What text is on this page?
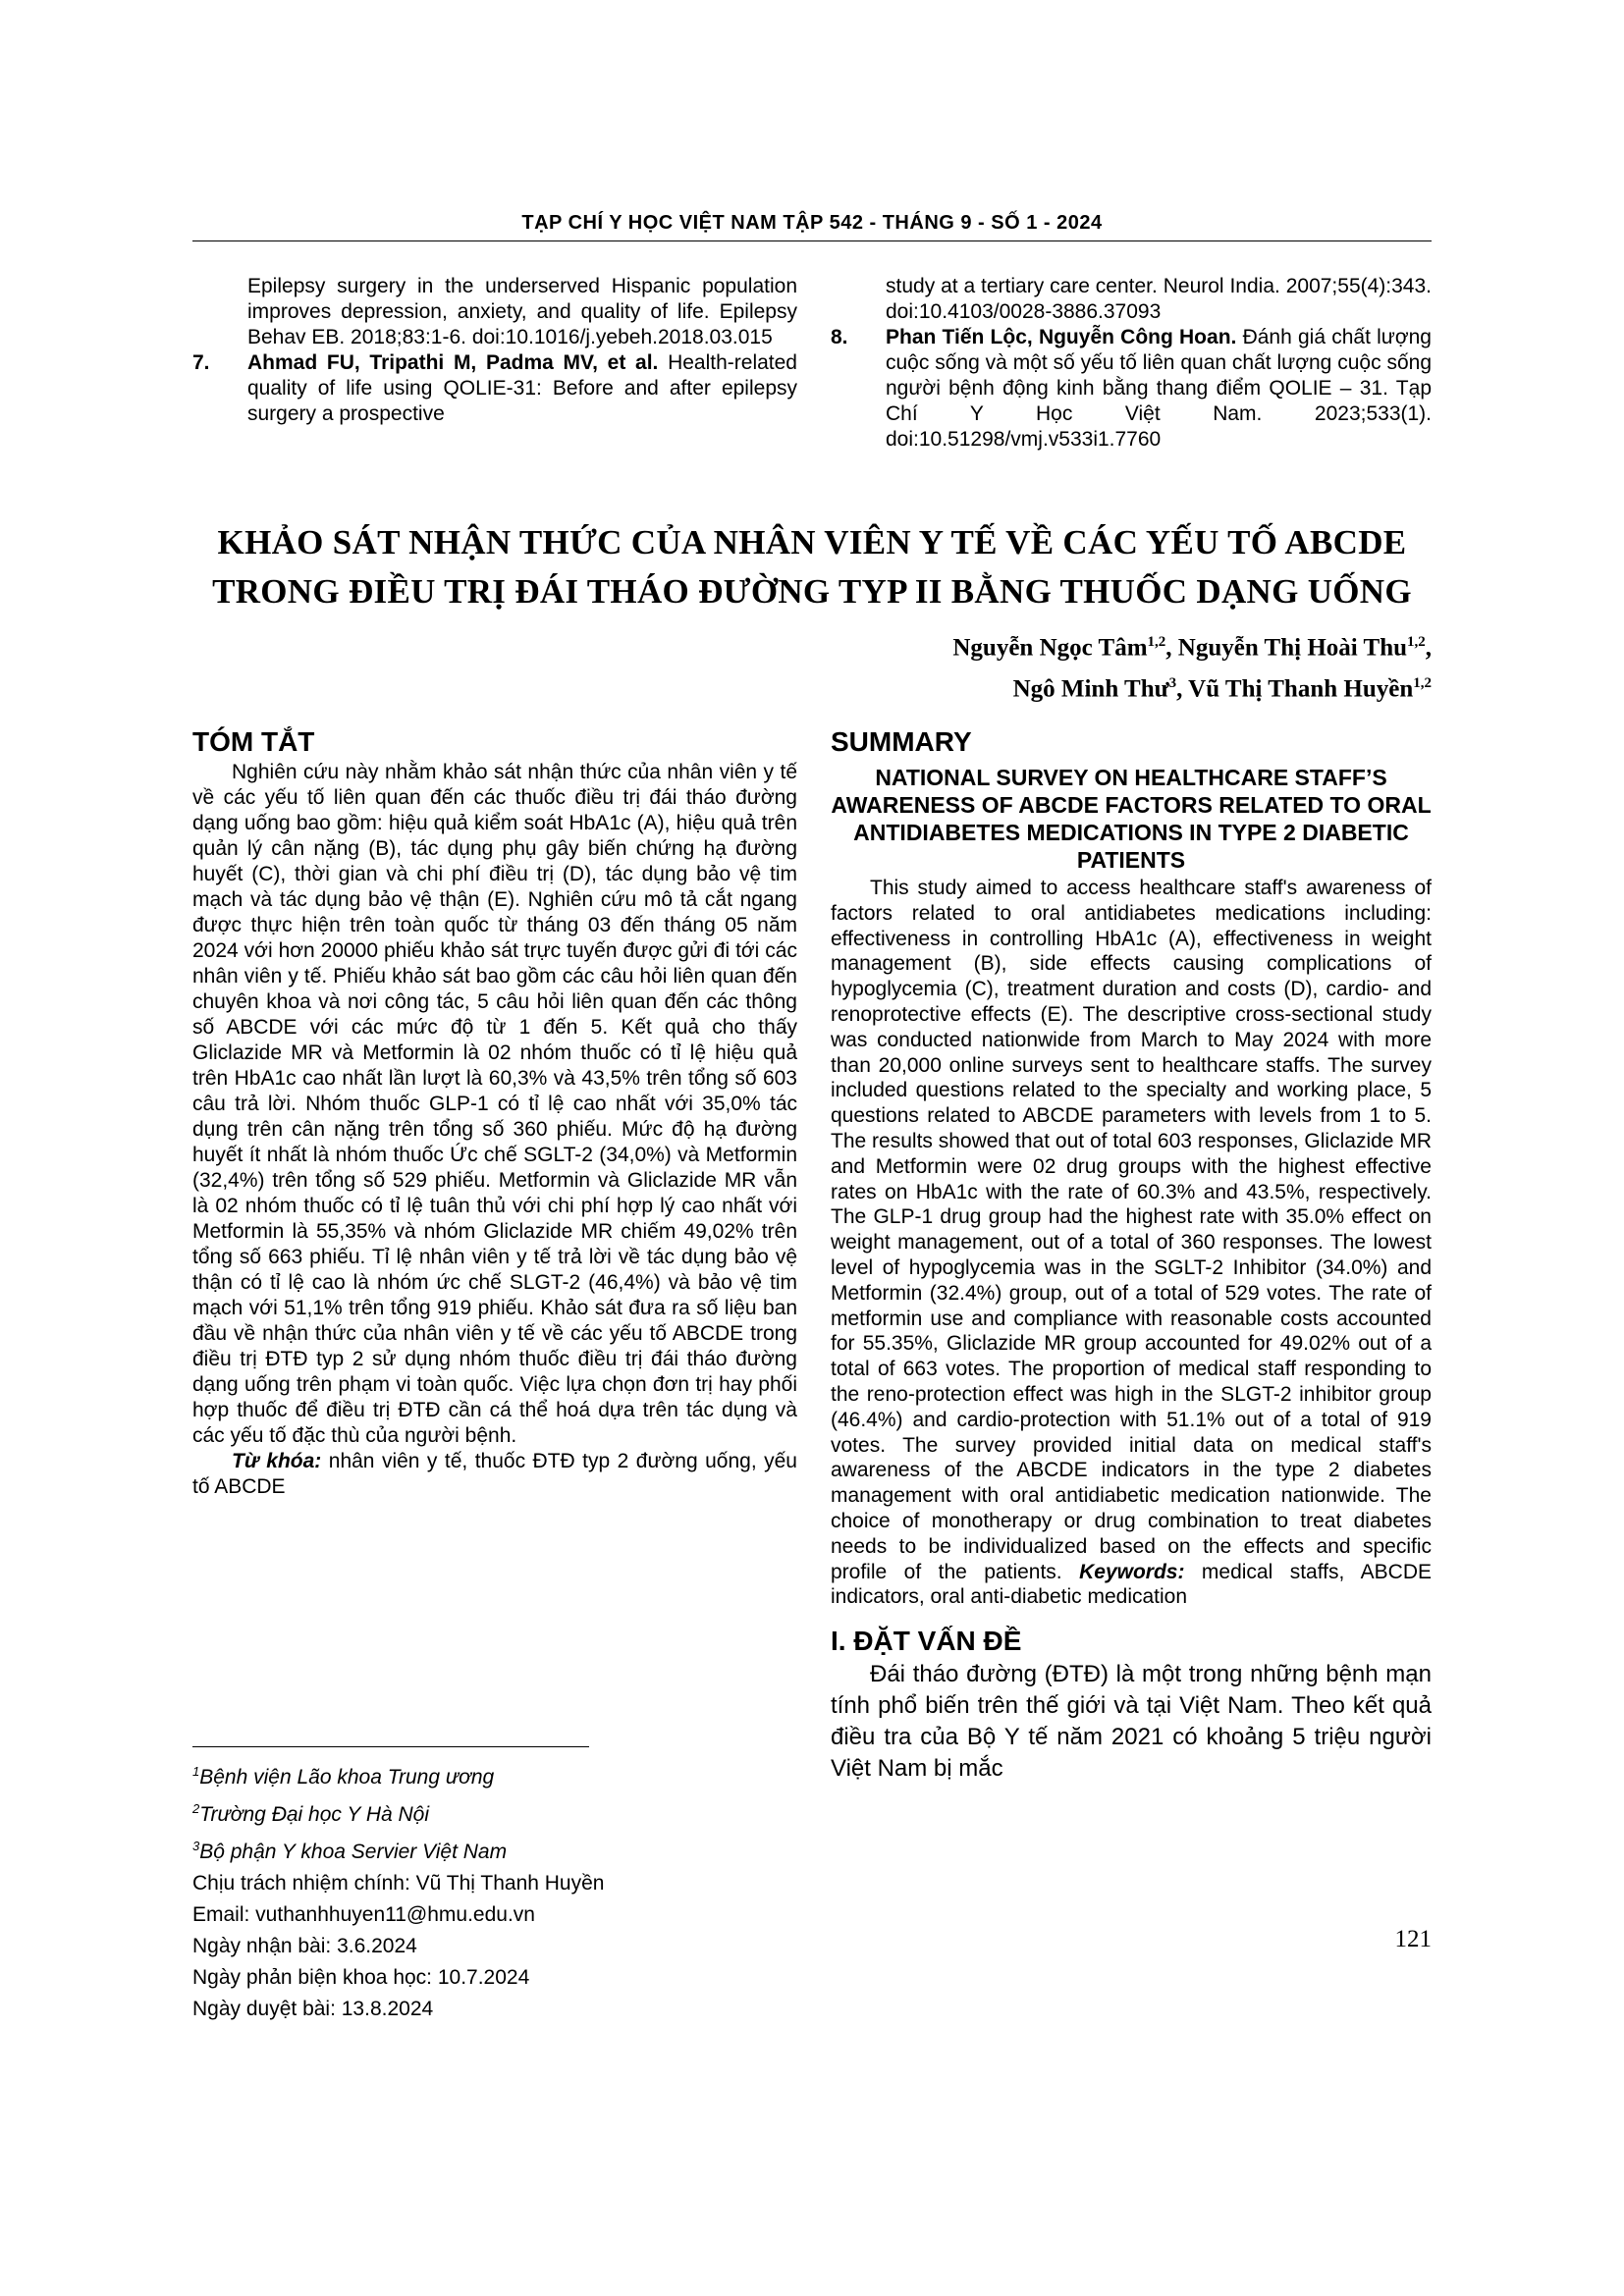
TẠP CHÍ Y HỌC VIỆT NAM TẬP 542 - THÁNG 9 - SỐ 1 - 2024
Epilepsy surgery in the underserved Hispanic population improves depression, anxiety, and quality of life. Epilepsy Behav EB. 2018;83:1-6. doi:10.1016/j.yebeh.2018.03.015
7. Ahmad FU, Tripathi M, Padma MV, et al. Health-related quality of life using QOLIE-31: Before and after epilepsy surgery a prospective
study at a tertiary care center. Neurol India. 2007;55(4):343. doi:10.4103/0028-3886.37093
8. Phan Tiến Lộc, Nguyễn Công Hoan. Đánh giá chất lượng cuộc sống và một số yếu tố liên quan chất lượng cuộc sống người bệnh động kinh bằng thang điểm QOLIE – 31. Tạp Chí Y Học Việt Nam. 2023;533(1). doi:10.51298/vmj.v533i1.7760
KHẢO SÁT NHẬN THỨC CỦA NHÂN VIÊN Y TẾ VỀ CÁC YẾU TỐ ABCDE
TRONG ĐIỀU TRỊ ĐÁI THÁO ĐƯỜNG TYP II BẰNG THUỐC DẠNG UỐNG
Nguyễn Ngọc Tâm$^{1,2}$, Nguyễn Thị Hoài Thu$^{1,2}$,
Ngô Minh Thư$^3$, Vũ Thị Thanh Huyền$^{1,2}$
TÓM TẮT

Nghiên cứu này nhằm khảo sát nhận thức của nhân viên y tế về các yếu tố liên quan đến các thuốc điều trị đái tháo đường dạng uống bao gồm: hiệu quả kiểm soát HbA1c (A), hiệu quả trên quản lý cân nặng (B), tác dụng phụ gây biến chứng hạ đường huyết (C), thời gian và chi phí điều trị (D), tác dụng bảo vệ tim mạch và tác dụng bảo vệ thận (E). Nghiên cứu mô tả cắt ngang được thực hiện trên toàn quốc từ tháng 03 đến tháng 05 năm 2024 với hơn 20000 phiếu khảo sát trực tuyến được gửi đi tới các nhân viên y tế. Phiếu khảo sát bao gồm các câu hỏi liên quan đến chuyên khoa và nơi công tác, 5 câu hỏi liên quan đến các thông số ABCDE với các mức độ từ 1 đến 5. Kết quả cho thấy Gliclazide MR và Metformin là 02 nhóm thuốc có tỉ lệ hiệu quả trên HbA1c cao nhất lần lượt là 60,3% và 43,5% trên tổng số 603 câu trả lời. Nhóm thuốc GLP-1 có tỉ lệ cao nhất với 35,0% tác dụng trên cân nặng trên tổng số 360 phiếu. Mức độ hạ đường huyết ít nhất là nhóm thuốc Ức chế SGLT-2 (34,0%) và Metformin (32,4%) trên tổng số 529 phiếu. Metformin và Gliclazide MR vẫn là 02 nhóm thuốc có tỉ lệ tuân thủ với chi phí hợp lý cao nhất với Metformin là 55,35% và nhóm Gliclazide MR chiếm 49,02% trên tổng số 663 phiếu. Tỉ lệ nhân viên y tế trả lời về tác dụng bảo vệ thận có tỉ lệ cao là nhóm ức chế SLGT-2 (46,4%) và bảo vệ tim mạch với 51,1% trên tổng 919 phiếu. Khảo sát đưa ra số liệu ban đầu về nhận thức của nhân viên y tế về các yếu tố ABCDE trong điều trị ĐTĐ typ 2 sử dụng nhóm thuốc điều trị đái tháo đường dạng uống trên phạm vi toàn quốc. Việc lựa chọn đơn trị hay phối hợp thuốc để điều trị ĐTĐ cần cá thể hoá dựa trên tác dụng và các yếu tố đặc thù của người bệnh.

Từ khóa: nhân viên y tế, thuốc ĐTĐ typ 2 đường uống, yếu tố ABCDE

SUMMARY
NATIONAL SURVEY ON HEALTHCARE STAFF’S AWARENESS OF ABCDE FACTORS RELATED TO ORAL ANTIDIABETES MEDICATIONS IN TYPE 2 DIABETIC PATIENTS

This study aimed to access healthcare staff's awareness of factors related to oral antidiabetes medications including: effectiveness in controlling HbA1c (A), effectiveness in weight management (B), side effects causing complications of hypoglycemia (C), treatment duration and costs (D), cardio- and renoprotective effects (E). The descriptive cross-sectional study was conducted nationwide from March to May 2024 with more than 20,000 online surveys sent to healthcare staffs. The survey included questions related to the specialty and working place, 5 questions related to ABCDE parameters with levels from 1 to 5. The results showed that out of total 603 responses, Gliclazide MR and Metformin were 02 drug groups with the highest effective rates on HbA1c with the rate of 60.3% and 43.5%, respectively. The GLP-1 drug group had the highest rate with 35.0% effect on weight management, out of a total of 360 responses. The lowest level of hypoglycemia was in the SGLT-2 Inhibitor (34.0%) and Metformin (32.4%) group, out of a total of 529 votes. The rate of metformin use and compliance with reasonable costs accounted for 55.35%, Gliclazide MR group accounted for 49.02% out of a total of 663 votes. The proportion of medical staff responding to the reno-protection effect was high in the SLGT-2 inhibitor group (46.4%) and cardio-protection with 51.1% out of a total of 919 votes. The survey provided initial data on medical staff's awareness of the ABCDE indicators in the type 2 diabetes management with oral antidiabetic medication nationwide. The choice of monotherapy or drug combination to treat diabetes needs to be individualized based on the effects and specific profile of the patients. Keywords: medical staffs, ABCDE indicators, oral anti-diabetic medication

I. ĐẶT VẤN ĐỀ

Đái tháo đường (ĐTĐ) là một trong những bệnh mạn tính phổ biến trên thế giới và tại Việt Nam. Theo kết quả điều tra của Bộ Y tế năm 2021 có khoảng 5 triệu người Việt Nam bị mắc

$^1$Bệnh viện Lão khoa Trung ương
$^2$Trường Đại học Y Hà Nội
$^3$Bộ phận Y khoa Servier Việt Nam
Chịu trách nhiệm chính: Vũ Thị Thanh Huyền
Email: vuthanhhuyen11@hmu.edu.vn
Ngày nhận bài: 3.6.2024
Ngày phản biện khoa học: 10.7.2024
Ngày duyệt bài: 13.8.2024
121
